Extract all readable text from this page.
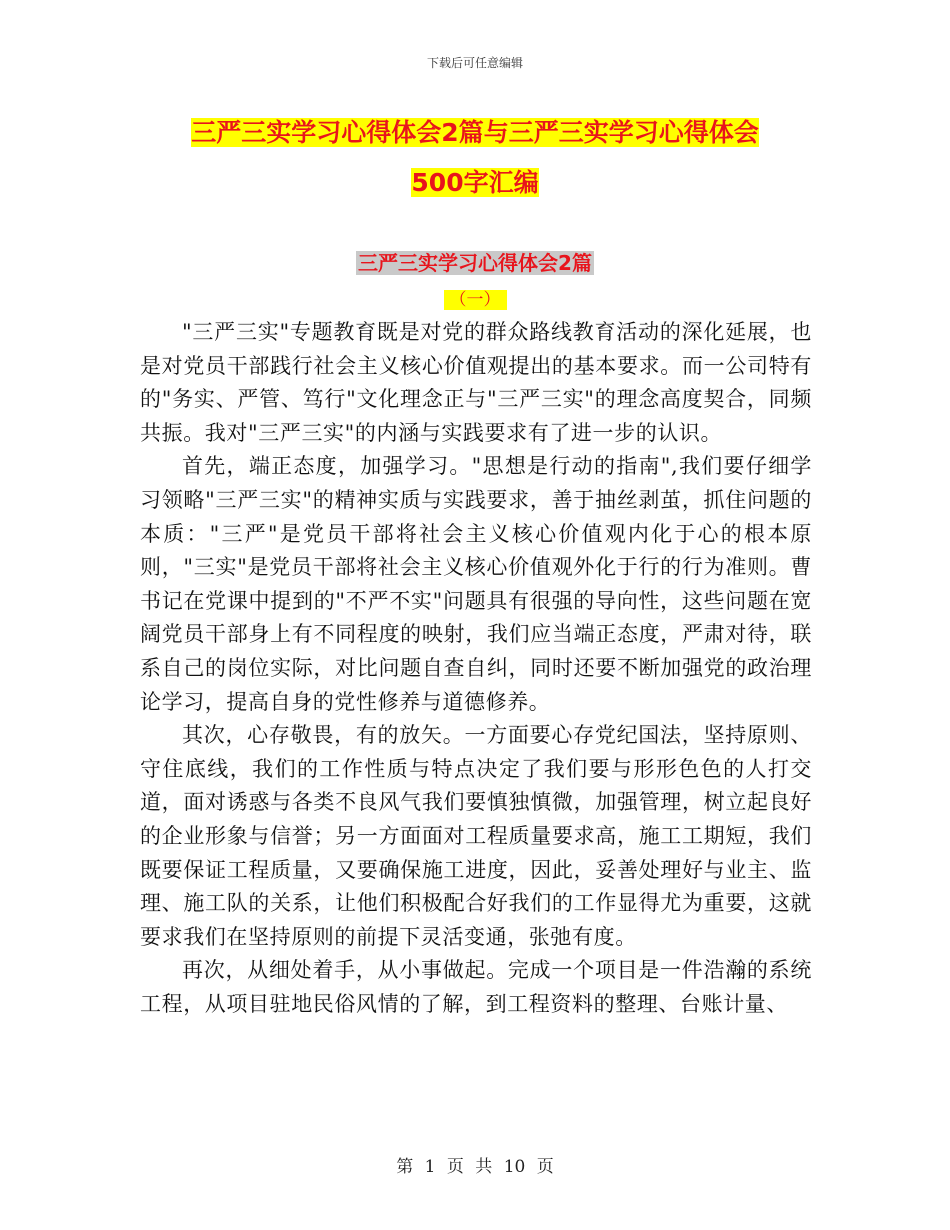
下载后可任意编辑
三严三实学习心得体会2篇与三严三实学习心得体会
500字汇编
三严三实学习心得体会2篇
（一）

"三严三实"专题教育既是对党的群众路线教育活动的深化延展，也是对党员干部践行社会主义核心价值观提出的基本要求。而一公司特有的"务实、严管、笃行"文化理念正与"三严三实"的理念高度契合，同频共振。我对"三严三实"的内涵与实践要求有了进一步的认识。

首先，端正态度，加强学习。"思想是行动的指南",我们要仔细学习领略"三严三实"的精神实质与实践要求，善于抽丝剥茧，抓住问题的本质："三严"是党员干部将社会主义核心价值观内化于心的根本原则，"三实"是党员干部将社会主义核心价值观外化于行的行为准则。曹书记在党课中提到的"不严不实"问题具有很强的导向性，这些问题在宽阔党员干部身上有不同程度的映射，我们应当端正态度，严肃对待，联系自己的岗位实际，对比问题自查自纠，同时还要不断加强党的政治理论学习，提高自身的党性修养与道德修养。

其次，心存敬畏，有的放矢。一方面要心存党纪国法，坚持原则、守住底线，我们的工作性质与特点决定了我们要与形形色色的人打交道，面对诱惑与各类不良风气我们要慎独慎微，加强管理，树立起良好的企业形象与信誉；另一方面面对工程质量要求高，施工工期短，我们既要保证工程质量，又要确保施工进度，因此，妥善处理好与业主、监理、施工队的关系，让他们积极配合好我们的工作显得尤为重要，这就要求我们在坚持原则的前提下灵活变通，张弛有度。

再次，从细处着手，从小事做起。完成一个项目是一件浩瀚的系统工程，从项目驻地民俗风情的了解，到工程资料的整理、台账计量、

第 1 页 共 10 页
